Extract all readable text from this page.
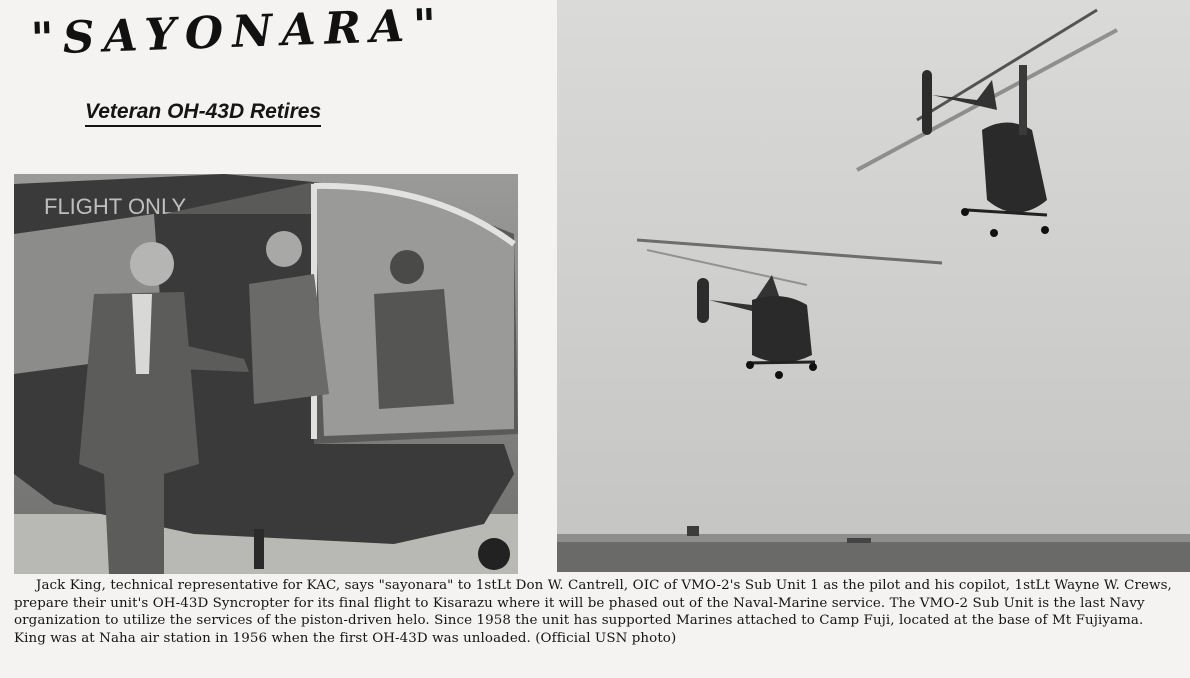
"SAYONARA"
Veteran OH-43D Retires
FLIGHT ONLY
Jack King, technical representative for KAC, says "sayonara" to 1stLt Don W. Cantrell, OIC of VMO-2's Sub Unit 1 as the pilot and his copilot, 1stLt Wayne W. Crews, prepare their unit's OH-43D Syncropter for its final flight to Kisarazu where it will be phased out of the Naval-Marine service. The VMO-2 Sub Unit is the last Navy organization to utilize the services of the piston-driven helo. Since 1958 the unit has supported Marines attached to Camp Fuji, located at the base of Mt Fujiyama. King was at Naha air station in 1956 when the first OH-43D was unloaded. (Official USN photo)
